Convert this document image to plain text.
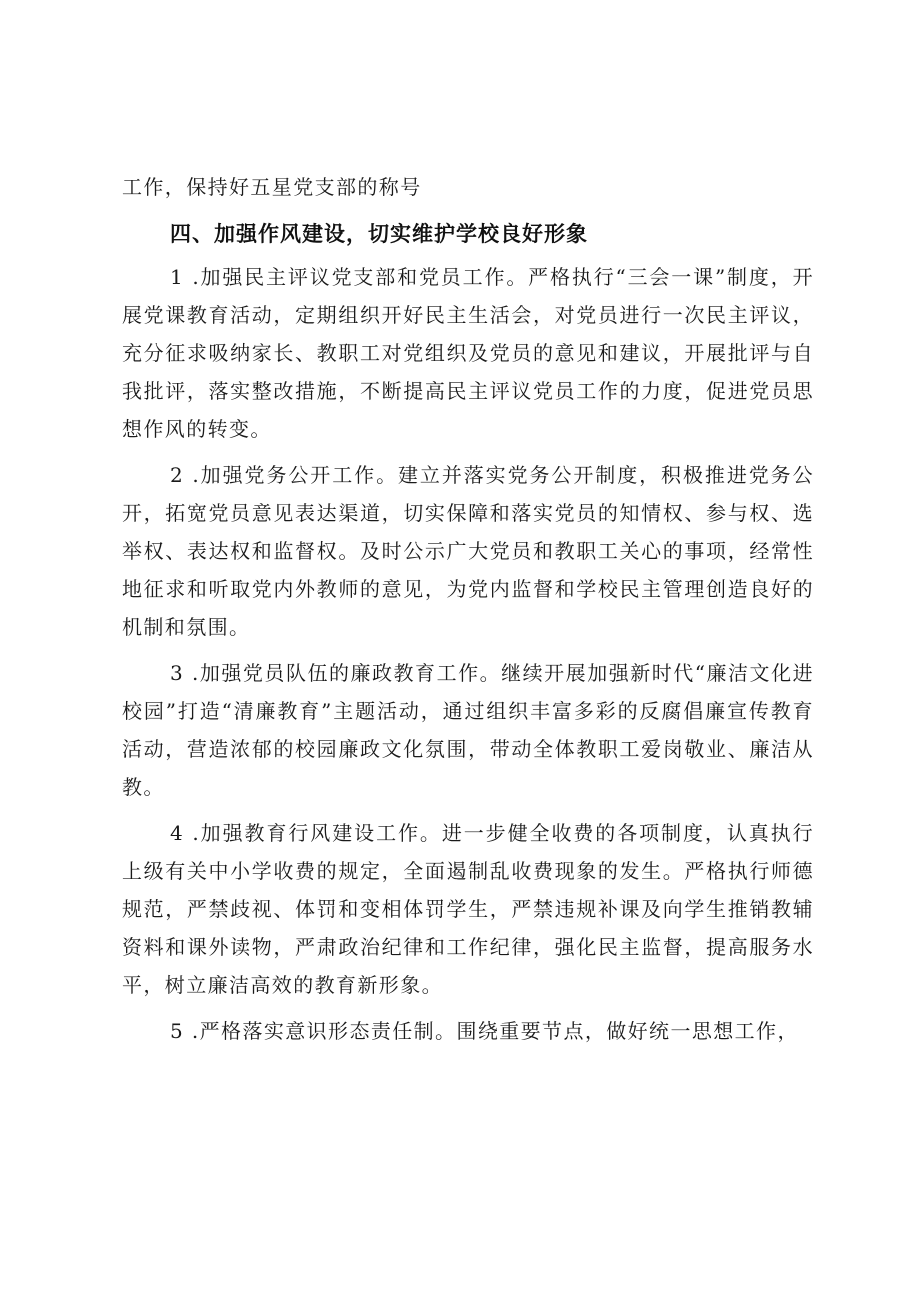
工作，保持好五星党支部的称号

四、加强作风建设，切实维护学校良好形象

1 .加强民主评议党支部和党员工作。严格执行“三会一课”制度，开展党课教育活动，定期组织开好民主生活会，对党员进行一次民主评议，充分征求吸纳家长、教职工对党组织及党员的意见和建议，开展批评与自我批评，落实整改措施，不断提高民主评议党员工作的力度，促进党员思想作风的转变。

2 .加强党务公开工作。建立并落实党务公开制度，积极推进党务公开，拓宽党员意见表达渠道，切实保障和落实党员的知情权、参与权、选举权、表达权和监督权。及时公示广大党员和教职工关心的事项，经常性地征求和听取党内外教师的意见，为党内监督和学校民主管理创造良好的机制和氛围。

3 .加强党员队伍的廉政教育工作。继续开展加强新时代“廉洁文化进校园”打造“清廉教育”主题活动，通过组织丰富多彩的反腐倡廉宣传教育活动，营造浓郁的校园廉政文化氛围，带动全体教职工爱岗敬业、廉洁从教。

4 .加强教育行风建设工作。进一步健全收费的各项制度，认真执行上级有关中小学收费的规定，全面遏制乱收费现象的发生。严格执行师德规范，严禁歧视、体罚和变相体罚学生，严禁违规补课及向学生推销教辅资料和课外读物，严肃政治纪律和工作纪律，强化民主监督，提高服务水平，树立廉洁高效的教育新形象。

5 .严格落实意识形态责任制。围绕重要节点，做好统一思想工作，
